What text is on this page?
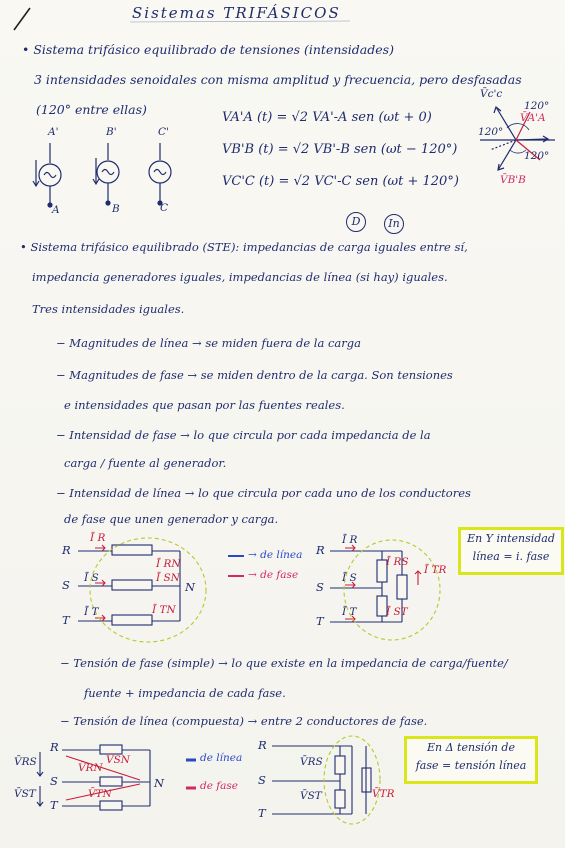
Sistemas TRIFÁSICOS
• Sistema trifásico equilibrado de tensiones (intensidades)
3 intensidades senoidales con misma amplitud y frecuencia, pero desfasadas
(120° entre ellas)
A'
A
B'
B
C'
C
VA'A (t) = √2 VA'-A sen (ωt + 0)
VB'B (t) = √2 VB'-B sen (ωt − 120°)
VC'C (t) = √2 VC'-C sen (ωt + 120°)
V̄c'c
V̄A'A
V̄B'B
120°
120°
120°
D	In
• Sistema trifásico equilibrado (STE): impedancias de carga iguales entre sí,
impedancia generadores iguales, impedancias de línea (si hay) iguales.
Tres intensidades iguales.
− Magnitudes de línea → se miden fuera de la carga
− Magnitudes de fase → se miden dentro de la carga. Son tensiones
e intensidades que pasan por las fuentes reales.
− Intensidad de fase → lo que circula por cada impedancia de la
carga / fuente al generador.
− Intensidad de línea → lo que circula por cada uno de los conductores
de fase que unen generador y carga.
R
S
T
N
Ī R
Ī S
Ī T
Ī RN
Ī SN
Ī TN
→ de línea
→ de fase
R
S
T
Ī R
Ī S
Ī T
Ī RS
Ī ST
Ī TR
En Y intensidad
línea = i. fase
− Tensión de fase (simple) → lo que existe en la impedancia de carga/fuente/
fuente + impedancia de cada fase.
− Tensión de línea (compuesta) → entre 2 conductores de fase.
R
S
T
N
V̄RS
V̄ST
V̄RN
V̄SN
V̄TN
de línea
de fase
R
S
T
V̄RS
V̄ST	V̄TR
En Δ tensión de
fase = tensión línea
